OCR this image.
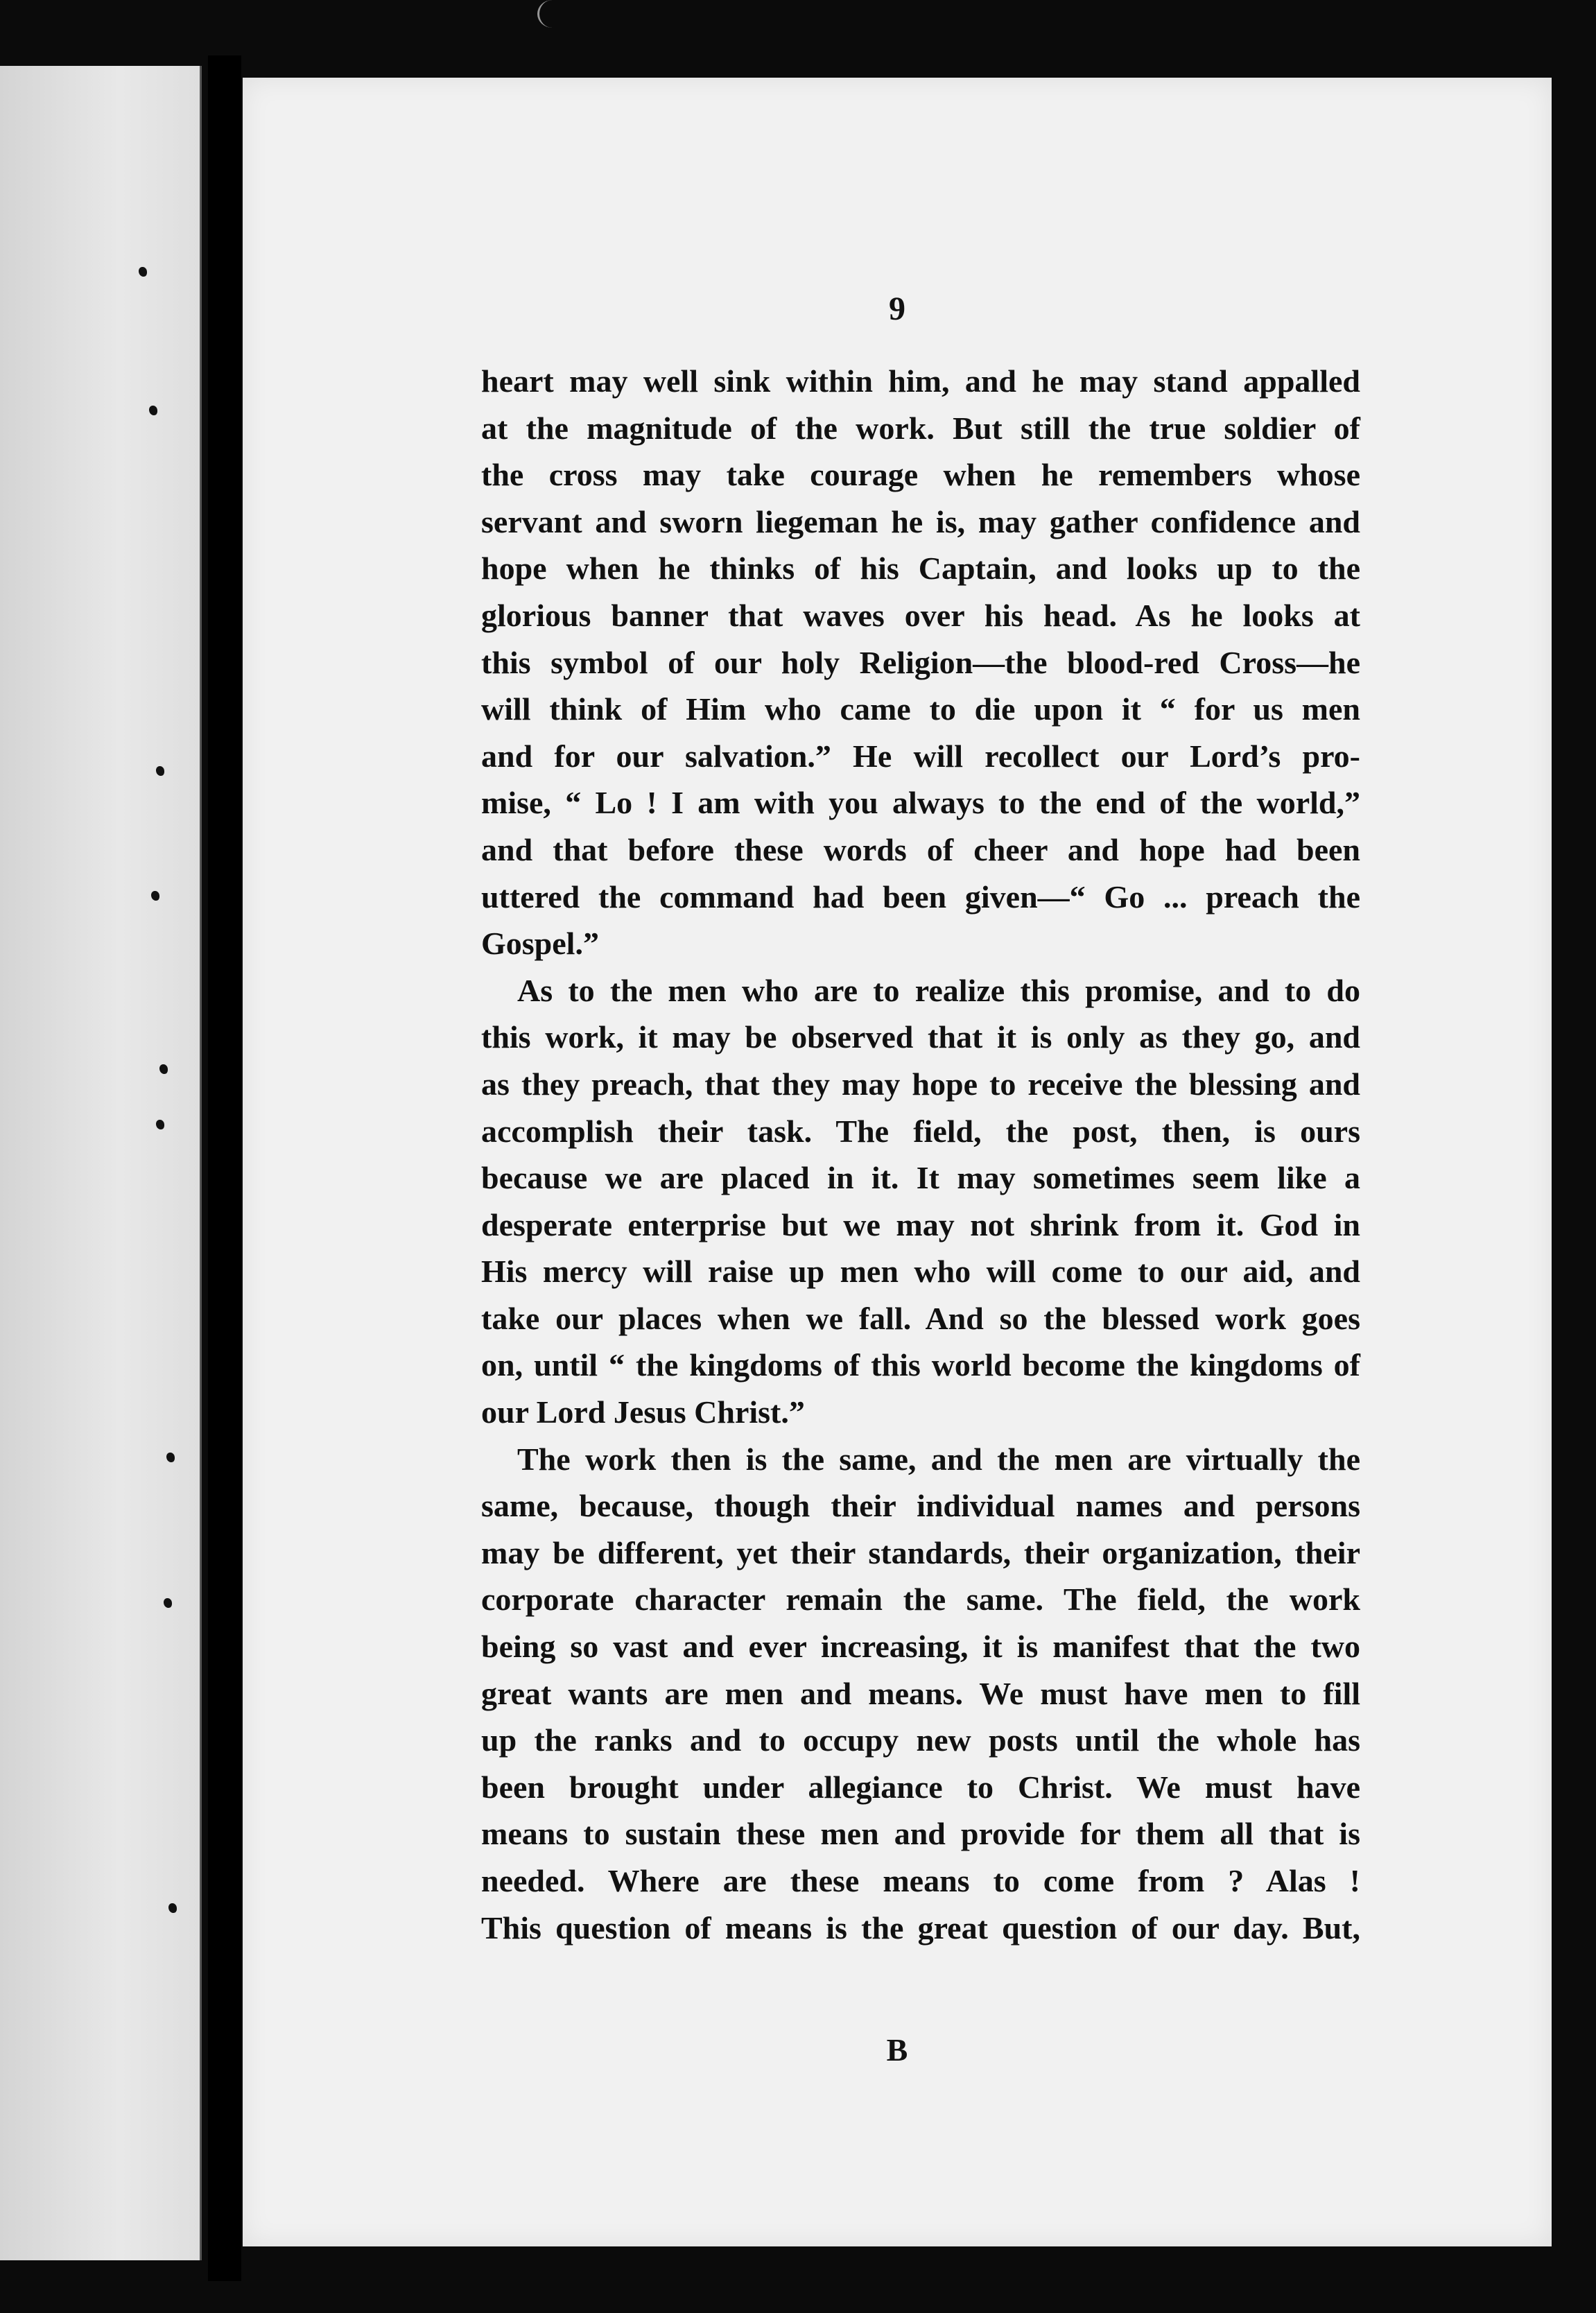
9
heart may well sink within him, and he may stand appalled
at the magnitude of the work. But still the true soldier of
the cross may take courage when he remembers whose
servant and sworn liegeman he is, may gather confidence and
hope when he thinks of his Captain, and looks up to the
glorious banner that waves over his head. As he looks at
this symbol of our holy Religion—the blood-red Cross—he
will think of Him who came to die upon it “ for us men
and for our salvation.” He will recollect our Lord’s pro-
mise, “ Lo ! I am with you always to the end of the world,”
and that before these words of cheer and hope had been
uttered the command had been given—“ Go ... preach the
Gospel.”
As to the men who are to realize this promise, and to do
this work, it may be observed that it is only as they go, and
as they preach, that they may hope to receive the blessing and
accomplish their task. The field, the post, then, is ours
because we are placed in it. It may sometimes seem like a
desperate enterprise but we may not shrink from it. God in
His mercy will raise up men who will come to our aid, and
take our places when we fall. And so the blessed work goes
on, until “ the kingdoms of this world become the kingdoms of
our Lord Jesus Christ.”
The work then is the same, and the men are virtually the
same, because, though their individual names and persons
may be different, yet their standards, their organization, their
corporate character remain the same. The field, the work
being so vast and ever increasing, it is manifest that the two
great wants are men and means. We must have men to fill
up the ranks and to occupy new posts until the whole has
been brought under allegiance to Christ. We must have
means to sustain these men and provide for them all that is
needed. Where are these means to come from ? Alas !
This question of means is the great question of our day. But,
B
